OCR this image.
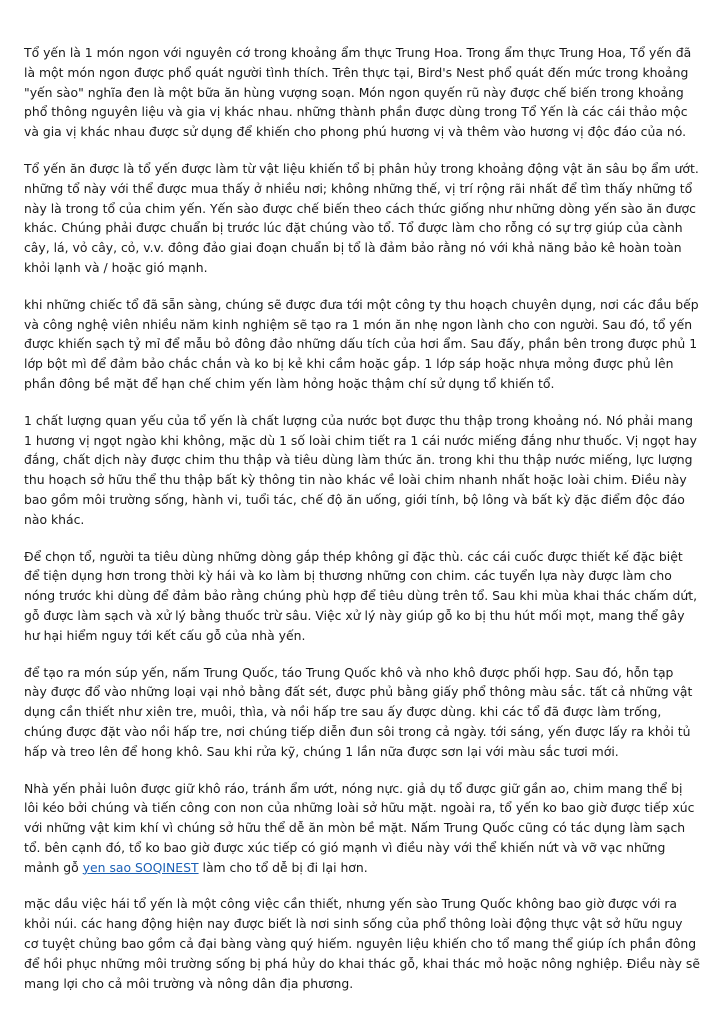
Tổ yến là 1 món ngon với nguyên cớ trong khoảng ẩm thực Trung Hoa. Trong ẩm thực Trung Hoa, Tổ yến đã là một món ngon được phổ quát người tình thích. Trên thực tại, Bird's Nest phổ quát đến mức trong khoảng "yến sào" nghĩa đen là một bữa ăn hùng vượng soạn. Món ngon quyến rũ này được chế biến trong khoảng phổ thông nguyên liệu và gia vị khác nhau. những thành phần được dùng trong Tổ Yến là các cái thảo mộc và gia vị khác nhau được sử dụng để khiến cho phong phú hương vị và thêm vào hương vị độc đáo của nó.

Tổ yến ăn được là tổ yến được làm từ vật liệu khiến tổ bị phân hủy trong khoảng động vật ăn sâu bọ ẩm ướt. những tổ này với thể được mua thấy ở nhiều nơi; không những thế, vị trí rộng rãi nhất để tìm thấy những tổ này là trong tổ của chim yến. Yến sào được chế biến theo cách thức giống như những dòng yến sào ăn được khác. Chúng phải được chuẩn bị trước lúc đặt chúng vào tổ. Tổ được làm cho rỗng có sự trợ giúp của cành cây, lá, vỏ cây, cỏ, v.v. đông đảo giai đoạn chuẩn bị tổ là đảm bảo rằng nó với khả năng bảo kê hoàn toàn khỏi lạnh và / hoặc gió mạnh.

khi những chiếc tổ đã sẵn sàng, chúng sẽ được đưa tới một công ty thu hoạch chuyên dụng, nơi các đầu bếp và công nghệ viên nhiều năm kinh nghiệm sẽ tạo ra 1 món ăn nhẹ ngon lành cho con người. Sau đó, tổ yến được khiến sạch tỷ mỉ để mẫu bỏ đông đảo những dấu tích của hơi ẩm. Sau đấy, phần bên trong được phủ 1 lớp bột mì để đảm bảo chắc chắn và ko bị kẻ khi cầm hoặc gắp. 1 lớp sáp hoặc nhựa mỏng được phủ lên phần đông bề mặt để hạn chế chim yến làm hỏng hoặc thậm chí sử dụng tổ khiến tổ.

1 chất lượng quan yếu của tổ yến là chất lượng của nước bọt được thu thập trong khoảng nó. Nó phải mang 1 hương vị ngọt ngào khi không, mặc dù 1 số loài chim tiết ra 1 cái nước miếng đắng như thuốc. Vị ngọt hay đắng, chất dịch này được chim thu thập và tiêu dùng làm thức ăn. trong khi thu thập nước miếng, lực lượng thu hoạch sở hữu thể thu thập bất kỳ thông tin nào khác về loài chim nhanh nhất hoặc loài chim. Điều này bao gồm môi trường sống, hành vi, tuổi tác, chế độ ăn uống, giới tính, bộ lông và bất kỳ đặc điểm độc đáo nào khác.

Để chọn tổ, người ta tiêu dùng những dòng gắp thép không gỉ đặc thù. các cái cuốc được thiết kế đặc biệt để tiện dụng hơn trong thời kỳ hái và ko làm bị thương những con chim. các tuyển lựa này được làm cho nóng trước khi dùng để đảm bảo rằng chúng phù hợp để tiêu dùng trên tổ. Sau khi mùa khai thác chấm dứt, gỗ được làm sạch và xử lý bằng thuốc trừ sâu. Việc xử lý này giúp gỗ ko bị thu hút mối mọt, mang thể gây hư hại hiểm nguy tới kết cấu gỗ của nhà yến.

để tạo ra món súp yến, nấm Trung Quốc, táo Trung Quốc khô và nho khô được phối hợp. Sau đó, hỗn tạp này được đổ vào những loại vại nhỏ bằng đất sét, được phủ bằng giấy phổ thông màu sắc. tất cả những vật dụng cần thiết như xiên tre, muôi, thìa, và nồi hấp tre sau ấy được dùng. khi các tổ đã được làm trống, chúng được đặt vào nồi hấp tre, nơi chúng tiếp diễn đun sôi trong cả ngày. tới sáng, yến được lấy ra khỏi tủ hấp và treo lên để hong khô. Sau khi rửa kỹ, chúng 1 lần nữa được sơn lại với màu sắc tươi mới.

Nhà yến phải luôn được giữ khô ráo, tránh ẩm ướt, nóng nực. giả dụ tổ được giữ gần ao, chim mang thể bị lôi kéo bởi chúng và tiến công con non của những loài sở hữu mặt. ngoài ra, tổ yến ko bao giờ được tiếp xúc với những vật kim khí vì chúng sở hữu thể dễ ăn mòn bề mặt. Nấm Trung Quốc cũng có tác dụng làm sạch tổ. bên cạnh đó, tổ ko bao giờ được xúc tiếp có gió mạnh vì điều này với thể khiến nứt và vỡ vạc những mảnh gỗ yen sao SOQINEST làm cho tổ dễ bị đi lại hơn.

mặc dầu việc hái tổ yến là một công việc cần thiết, nhưng yến sào Trung Quốc không bao giờ được với ra khỏi núi. các hang động hiện nay được biết là nơi sinh sống của phổ thông loài động thực vật sở hữu nguy cơ tuyệt chủng bao gồm cả đại bàng vàng quý hiếm. nguyên liệu khiến cho tổ mang thể giúp ích phần đông để hồi phục những môi trường sống bị phá hủy do khai thác gỗ, khai thác mỏ hoặc nông nghiệp. Điều này sẽ mang lợi cho cả môi trường và nông dân địa phương.
